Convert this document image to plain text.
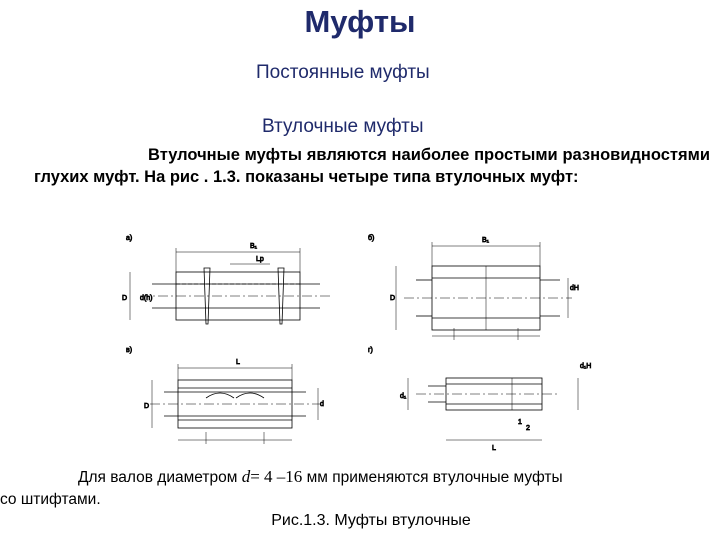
Муфты
Постоянные муфты
Втулочные муфты
Втулочные муфты являются наиболее простыми разновидностями глухих муфт. На рис . 1.3. показаны четыре типа втулочных муфт:
а)
B₁
Lp
D d(h)
б)	B₁
D
dH
в)
L
D	d
г)
d₁
d₁H
L
1
2
Для валов диаметром d= 4 –16 мм применяются втулочные муфты
со штифтами.
Рис.1.3. Муфты втулочные
